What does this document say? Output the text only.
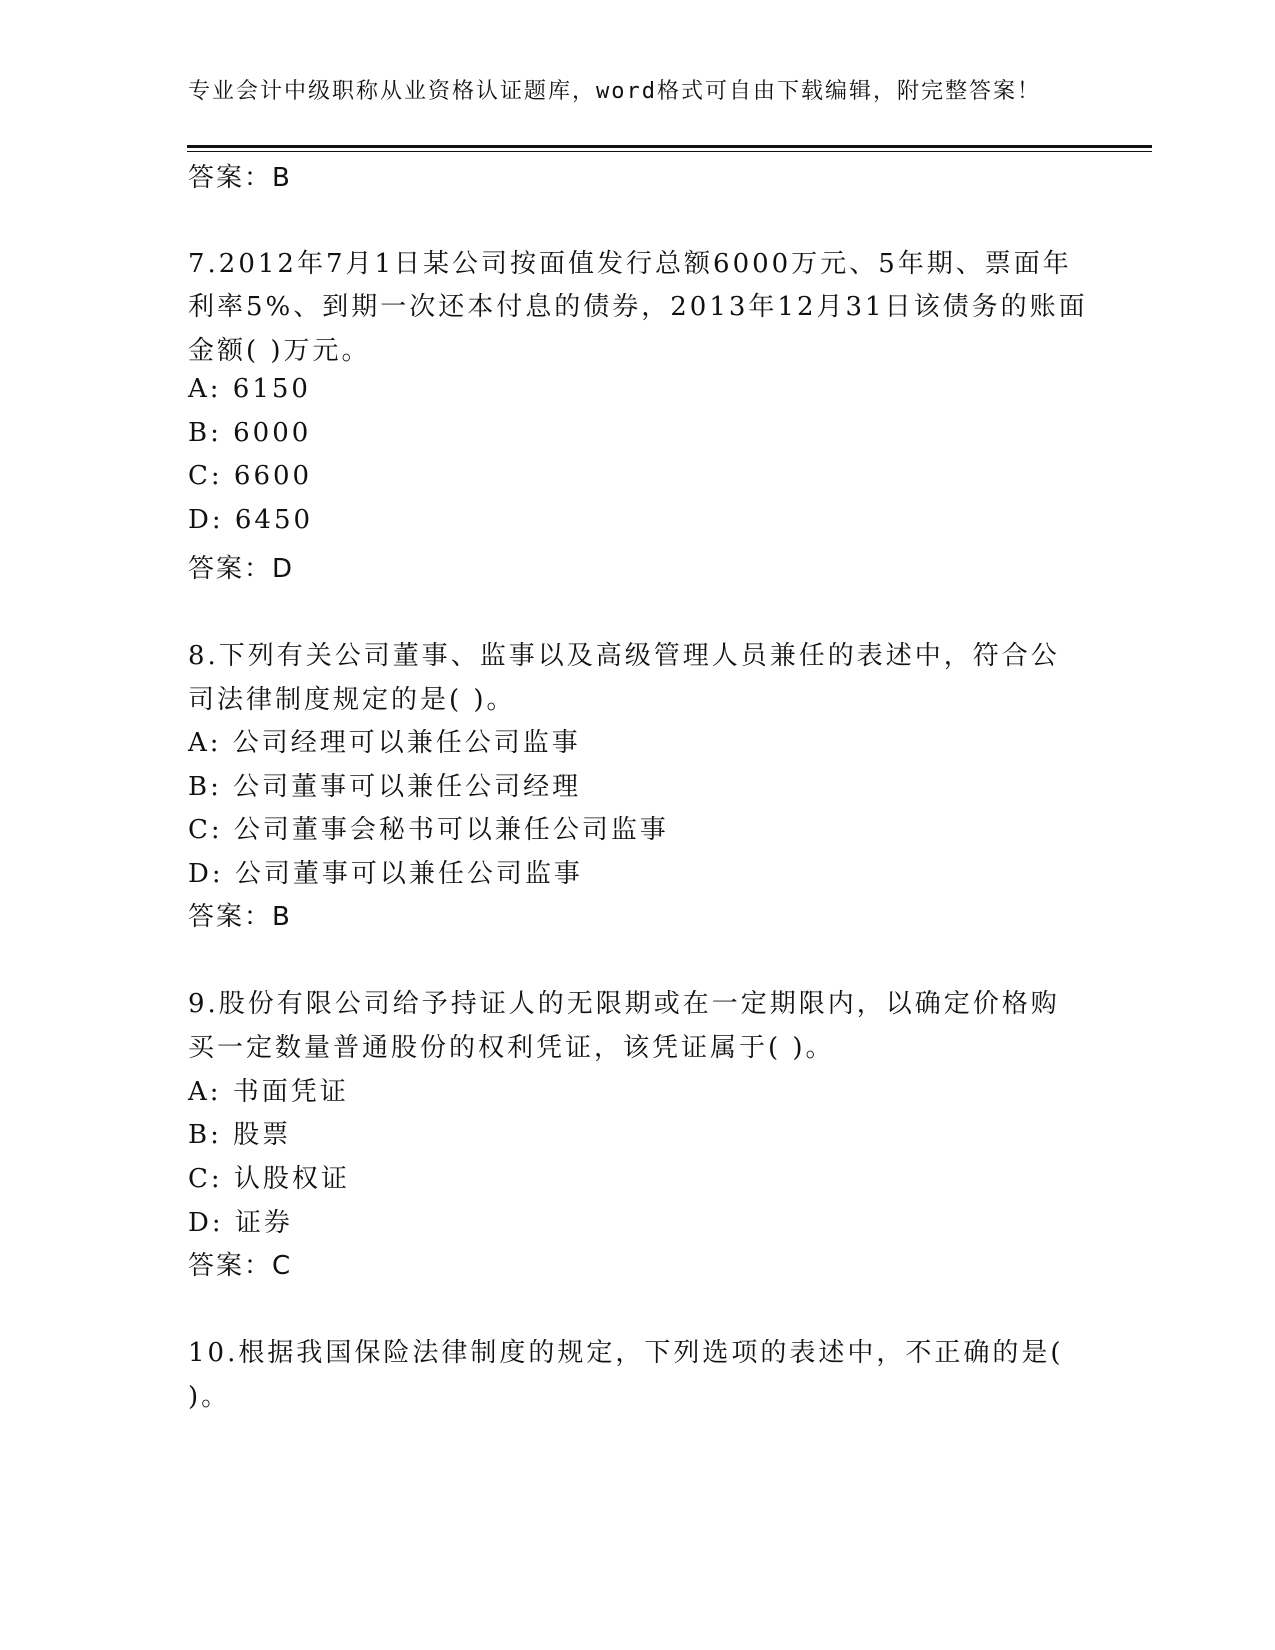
专业会计中级职称从业资格认证题库，word格式可自由下载编辑，附完整答案！
答案：B
7.2012年7月1日某公司按面值发行总额6000万元、5年期、票面年
利率5%、到期一次还本付息的债券，2013年12月31日该债务的账面
金额( )万元。
A: 6150
B: 6000
C: 6600
D: 6450
答案：D
8.下列有关公司董事、监事以及高级管理人员兼任的表述中，符合公
司法律制度规定的是( )。
A: 公司经理可以兼任公司监事
B: 公司董事可以兼任公司经理
C: 公司董事会秘书可以兼任公司监事
D: 公司董事可以兼任公司监事
答案：B
9.股份有限公司给予持证人的无限期或在一定期限内，以确定价格购
买一定数量普通股份的权利凭证，该凭证属于( )。
A: 书面凭证
B: 股票
C: 认股权证
D: 证券
答案：C
10.根据我国保险法律制度的规定，下列选项的表述中，不正确的是(
)。
